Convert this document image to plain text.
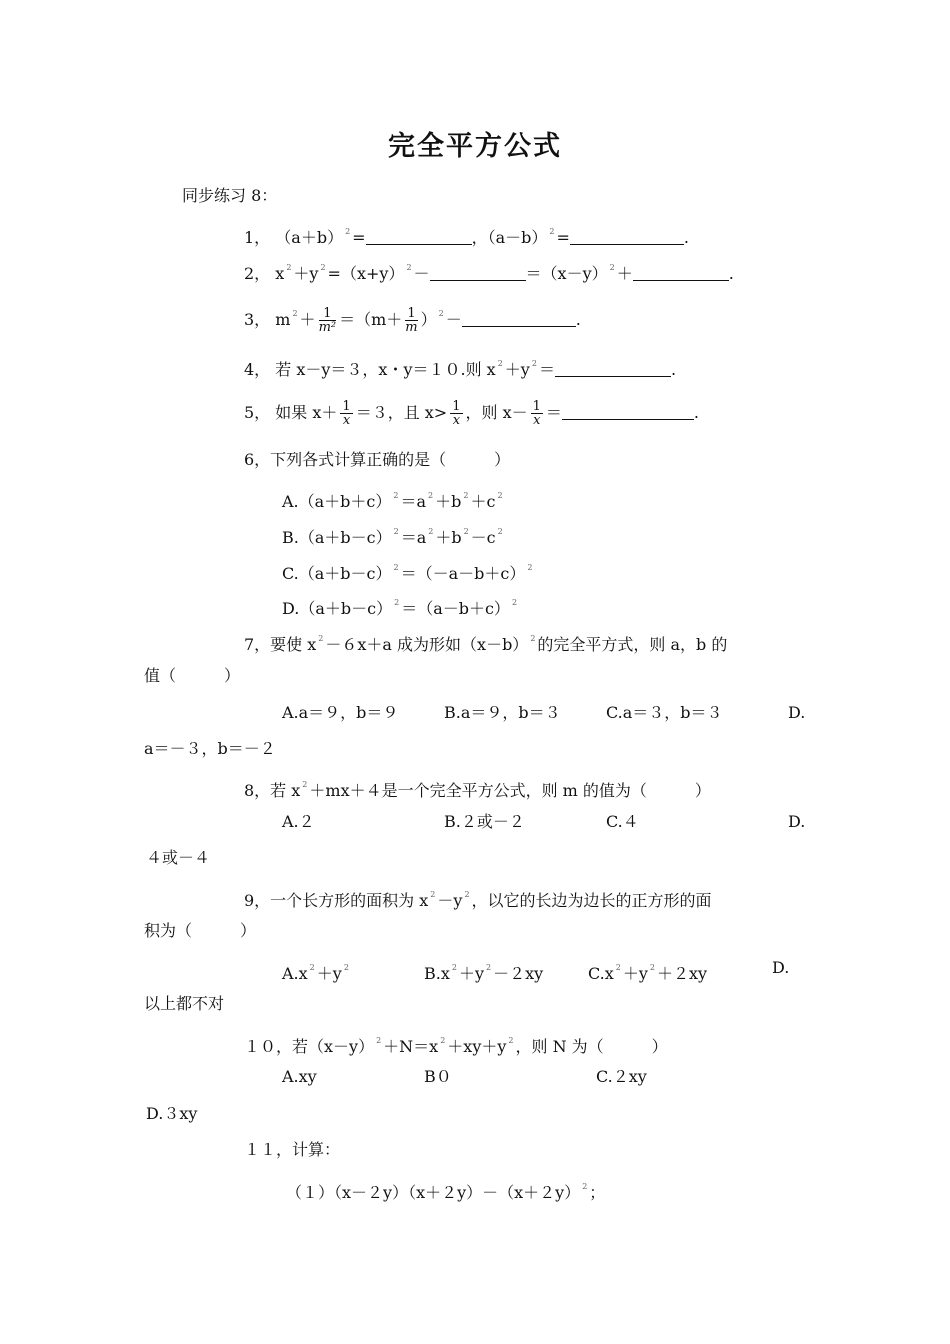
完全平方公式
同步练习 8：
1， （a＋b） $^2$ =	，（a－b） $^2$ =	.
2， x $^2$ ＋y $^2$ =（x+y） $^2$ －	＝（x－y） $^2$ ＋	.
3， m $^2 + \frac{1}{\text{m²}} =(m+ \frac{1}{m}$ ） $^2$ －	.
4， 若 x－y＝３，x・y＝１０.则 x $^2$ ＋y $^2$ ＝	.
5， 如果 $x+ \frac{1}{x} =3$，且 $x> \frac{1}{x}$ ，则 $x- \frac{1}{x}$ ＝	.
6，下列各式计算正确的是（　　　）
A.（a＋b＋c） $^2$ ＝a $^2$ ＋b $^2$ ＋c $^2$
B.（a＋b－c） $^2$ ＝a $^2$ ＋b $^2$ －c $^2$
C.（a＋b－c） $^2$ ＝（－a－b＋c） $^2$
D.（a＋b－c） $^2$ ＝（a－b＋c） $^2$
7，要使 x $^2$ －６x＋a 成为形如（x－b） $^2$ 的完全平方式，则 a，b 的
值（　　　）
A.a＝９，b＝９	B.a＝９，b＝３	C.a＝３，b＝３	D.
a＝－３，b＝－２
8，若 x $^2$ ＋mx＋４是一个完全平方公式，则 m 的值为（　　　）
A.２	B.２或－２	C.４	D.
４或－４
9，一个长方形的面积为 x $^2$ －y $^2$ ，以它的长边为边长的正方形的面
积为（　　　）
A.x $^2$ ＋y $^2$	B.x $^2$ ＋y $^2$ －２xy	C.x $^2$ ＋y $^2$ ＋２xy	D.
以上都不对
１０，若（x－y） $^2$ ＋N＝x $^2$ ＋xy＋y $^2$ ，则 N 为（　　　）
A.xy	B０	C.２xy
D.３xy
１１，计算：
（１）（x－２y）（x＋２y）－（x＋２y） $^2$ ；
